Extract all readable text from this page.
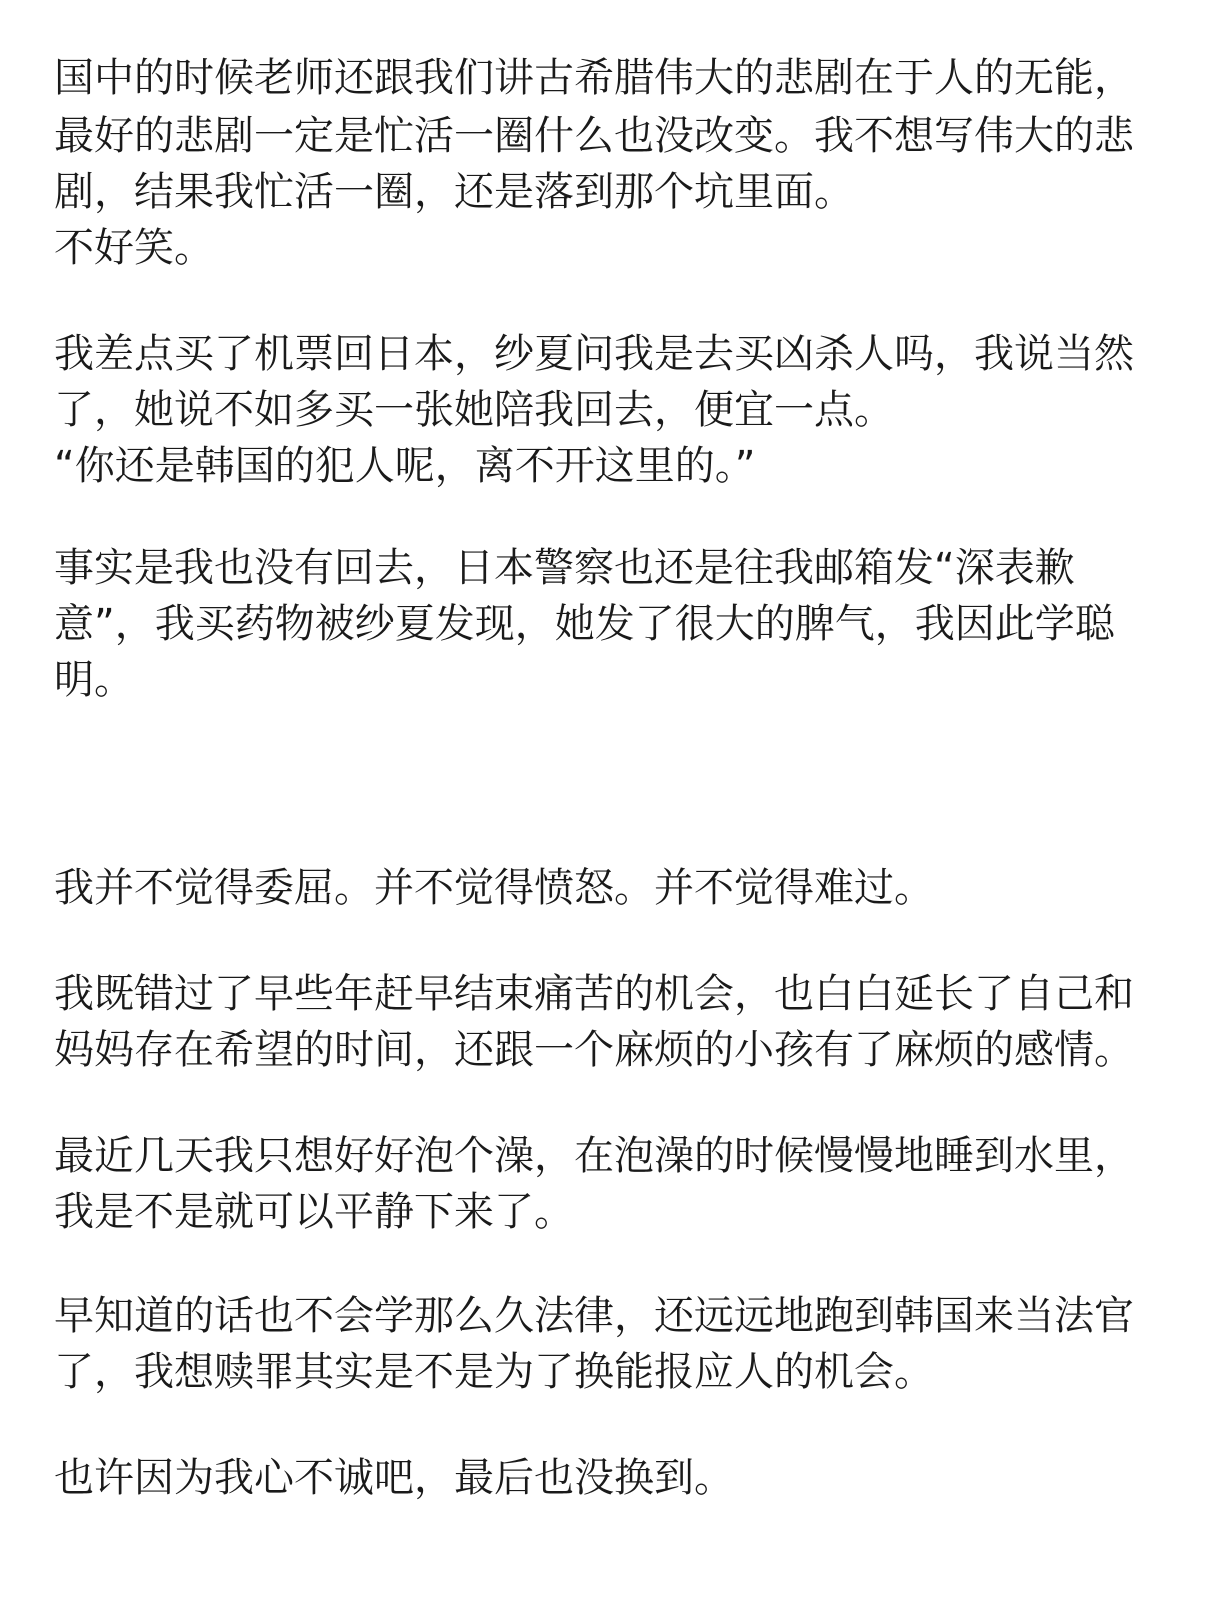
国中的时候老师还跟我们讲古希腊伟大的悲剧在于人的无能，
最好的悲剧一定是忙活一圈什么也没改变。我不想写伟大的悲
剧，结果我忙活一圈，还是落到那个坑里面。
不好笑。
我差点买了机票回日本，纱夏问我是去买凶杀人吗，我说当然
了，她说不如多买一张她陪我回去，便宜一点。
“你还是韩国的犯人呢，离不开这里的。”
事实是我也没有回去，日本警察也还是往我邮箱发“深表歉
意”，我买药物被纱夏发现，她发了很大的脾气，我因此学聪
明。
我并不觉得委屈。并不觉得愤怒。并不觉得难过。
我既错过了早些年赶早结束痛苦的机会，也白白延长了自己和
妈妈存在希望的时间，还跟一个麻烦的小孩有了麻烦的感情。
最近几天我只想好好泡个澡，在泡澡的时候慢慢地睡到水里，
我是不是就可以平静下来了。
早知道的话也不会学那么久法律，还远远地跑到韩国来当法官
了，我想赎罪其实是不是为了换能报应人的机会。
也许因为我心不诚吧，最后也没换到。
